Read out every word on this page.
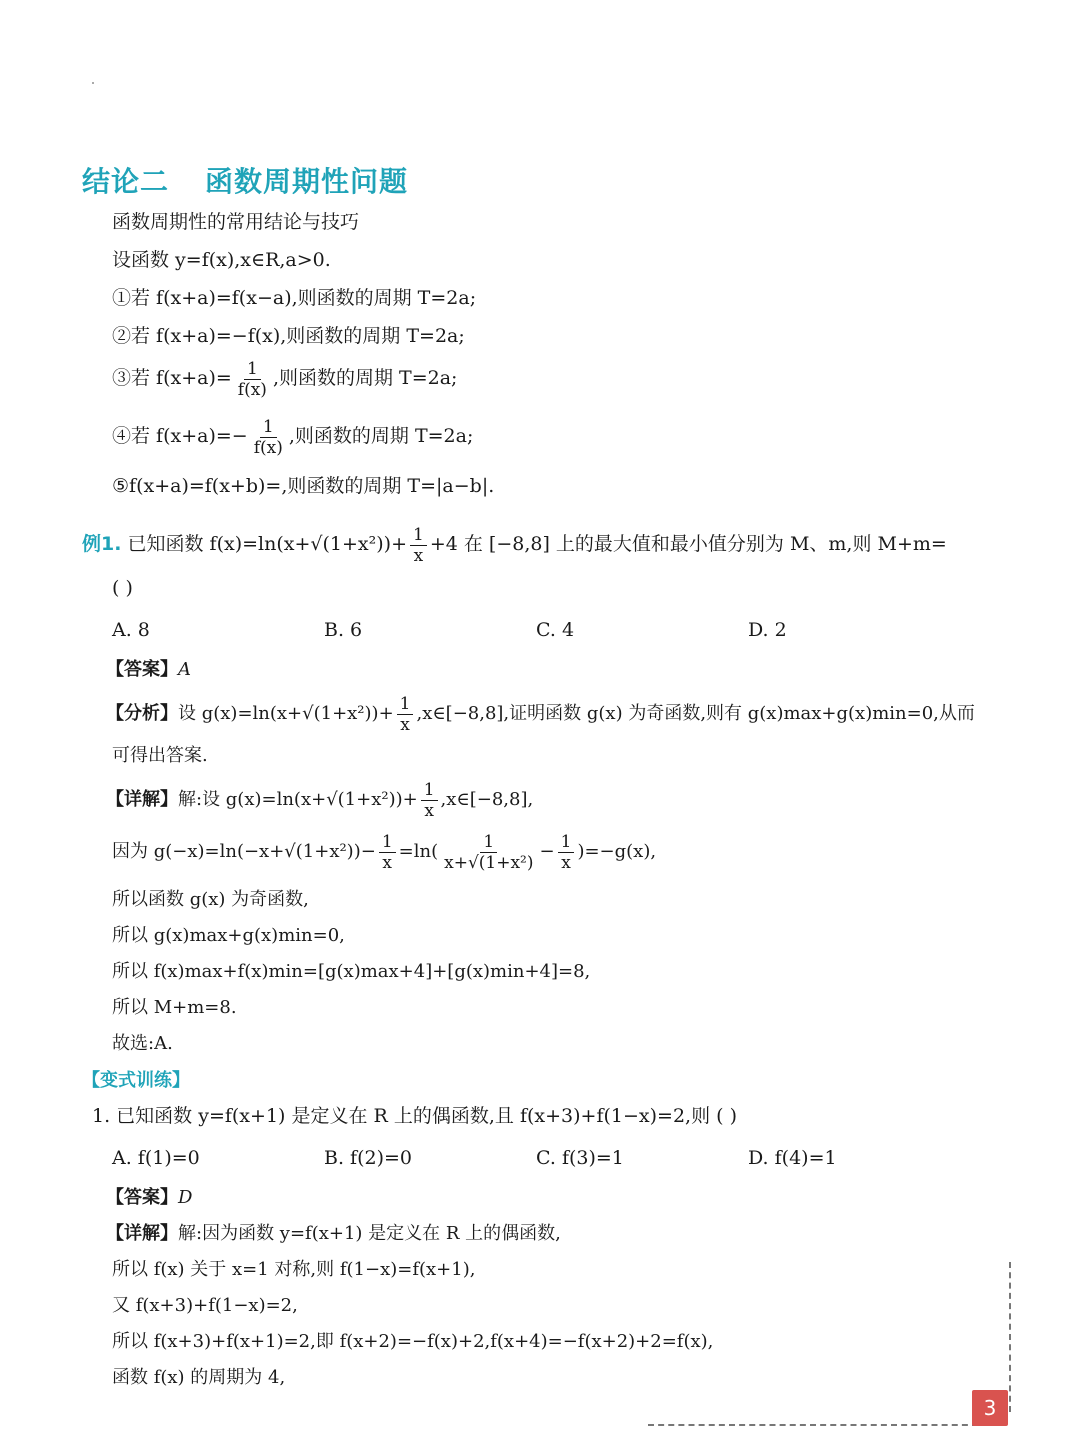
结论二 函数周期性问题
函数周期性的常用结论与技巧
设函数 y=f(x),x∈R,a>0.
①若 f(x+a)=f(x−a),则函数的周期 T=2a;
②若 f(x+a)=−f(x),则函数的周期 T=2a;
③若 $f(x+a)= \frac{1}{f(x)}$ ,则函数的周期 T=2a;
④若 $f(x+a)=- \frac{1}{f(x)}$ ,则函数的周期 T=2a;
⑤f(x+a)=f(x+b)=,则函数的周期 T=|a−b|.
例1. 已知函数 $f(x)=\ln(x+√(1+x^2))+ \frac{1}{x} +4$ 在 [−8,8] 上的最大值和最小值分别为 M、m,则 M+m=
( )
A. 8	B. 6	C. 4	D. 2
【答案】A
【分析】设 $g(x)=\ln(x+√(1+x^2))+ \frac{1}{x}$ ,x∈[−8,8],证明函数 g(x) 为奇函数,则有 g(x)max+g(x)min=0,从而
可得出答案.
【详解】解:设 $g(x)=\ln(x+√(1+x^2))+ \frac{1}{x}$ ,x∈[−8,8],
因为 $g(-x)=\ln(-x+√(1+x^2))- \frac{1}{x} =\ln( \frac{1}{\text{x+√(1+x²)}} - \frac{1}{x} )=-g(x)$,
所以函数 g(x) 为奇函数,
所以 g(x)max+g(x)min=0,
所以 f(x)max+f(x)min=[g(x)max+4]+[g(x)min+4]=8,
所以 M+m=8.
故选:A.
【变式训练】
1. 已知函数 y=f(x+1) 是定义在 R 上的偶函数,且 f(x+3)+f(1−x)=2,则 ( )
A. f(1)=0	B. f(2)=0	C. f(3)=1	D. f(4)=1
【答案】D
【详解】解:因为函数 y=f(x+1) 是定义在 R 上的偶函数,
所以 f(x) 关于 x=1 对称,则 f(1−x)=f(x+1),
又 f(x+3)+f(1−x)=2,
所以 f(x+3)+f(x+1)=2,即 f(x+2)=−f(x)+2,f(x+4)=−f(x+2)+2=f(x),
函数 f(x) 的周期为 4,
3
